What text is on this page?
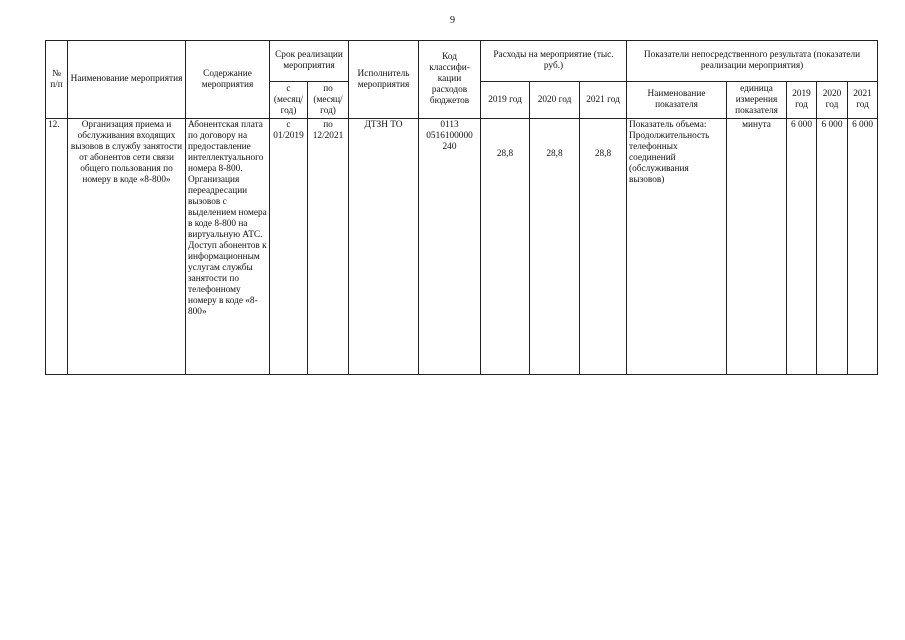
9
№ п/п	Наименование мероприятия	Содержание мероприятия	Срок реализации мероприятия		Исполнитель мероприятия	Код классифи-кации расходов бюджетов	Расходы на мероприятие (тыс. руб.)			Показатели непосредственного результата (показатели реализации мероприятия)				
			с (месяц/ год)	по (месяц/ год)			2019 год	2020 год	2021 год	Наименование показателя	единица измерения показателя	2019 год	2020 год	2021 год
12.	Организация приема и обслуживания входящих вызовов в службу занятости от абонентов сети связи общего пользования по номеру в коде «8-800»	Абонентская плата по договору на предоставление интеллектуального номера 8-800. Организация переадресации вызовов с выделением номера в коде 8-800 на виртуальную АТС. Доступ абонентов к информационным услугам службы занятости по телефонному номеру в коде «8-800»	с 01/2019	по 12/2021	ДТЗН ТО	0113 0516100000 240	28,8	28,8	28,8	Показатель объема: Продолжительность телефонных соединений (обслуживания вызовов)	минута	6 000	6 000	6 000
